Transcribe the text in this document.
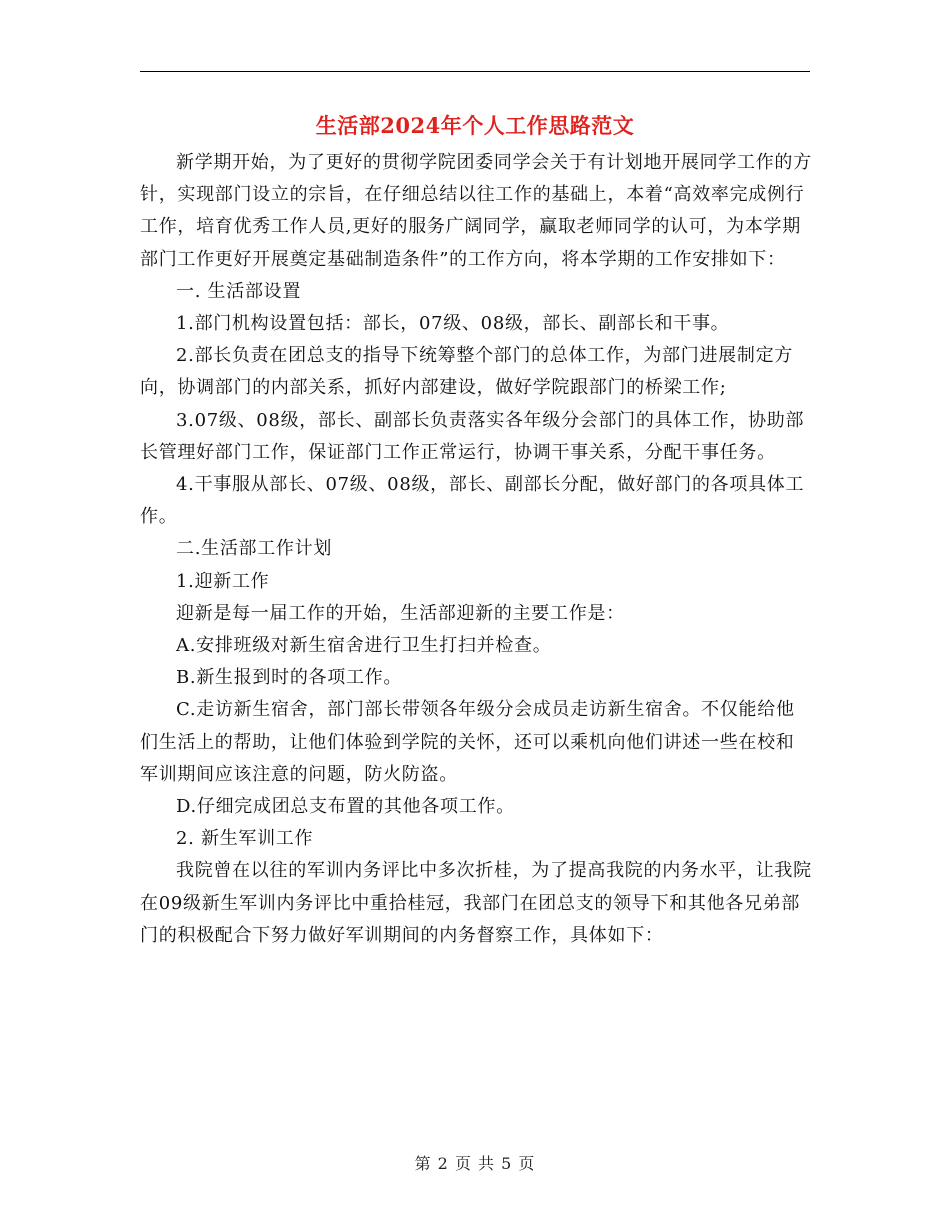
生活部2024年个人工作思路范文

新学期开始，为了更好的贯彻学院团委同学会关于有计划地开展同学工作的方针，实现部门设立的宗旨，在仔细总结以往工作的基础上，本着“高效率完成例行工作，培育优秀工作人员,更好的服务广阔同学，赢取老师同学的认可，为本学期部门工作更好开展奠定基础制造条件”的工作方向，将本学期的工作安排如下：

一. 生活部设置

1.部门机构设置包括：部长，07级、08级，部长、副部长和干事。

2.部长负责在团总支的指导下统筹整个部门的总体工作，为部门进展制定方向，协调部门的内部关系，抓好内部建设，做好学院跟部门的桥梁工作;

3.07级、08级，部长、副部长负责落实各年级分会部门的具体工作，协助部长管理好部门工作，保证部门工作正常运行，协调干事关系，分配干事任务。

4.干事服从部长、07级、08级，部长、副部长分配，做好部门的各项具体工作。

二.生活部工作计划

1.迎新工作

迎新是每一届工作的开始，生活部迎新的主要工作是：

A.安排班级对新生宿舍进行卫生打扫并检查。

B.新生报到时的各项工作。

C.走访新生宿舍，部门部长带领各年级分会成员走访新生宿舍。不仅能给他们生活上的帮助，让他们体验到学院的关怀，还可以乘机向他们讲述一些在校和军训期间应该注意的问题，防火防盗。

D.仔细完成团总支布置的其他各项工作。

2. 新生军训工作

我院曾在以往的军训内务评比中多次折桂，为了提高我院的内务水平，让我院在09级新生军训内务评比中重拾桂冠，我部门在团总支的领导下和其他各兄弟部门的积极配合下努力做好军训期间的内务督察工作，具体如下：

第 2 页 共 5 页
